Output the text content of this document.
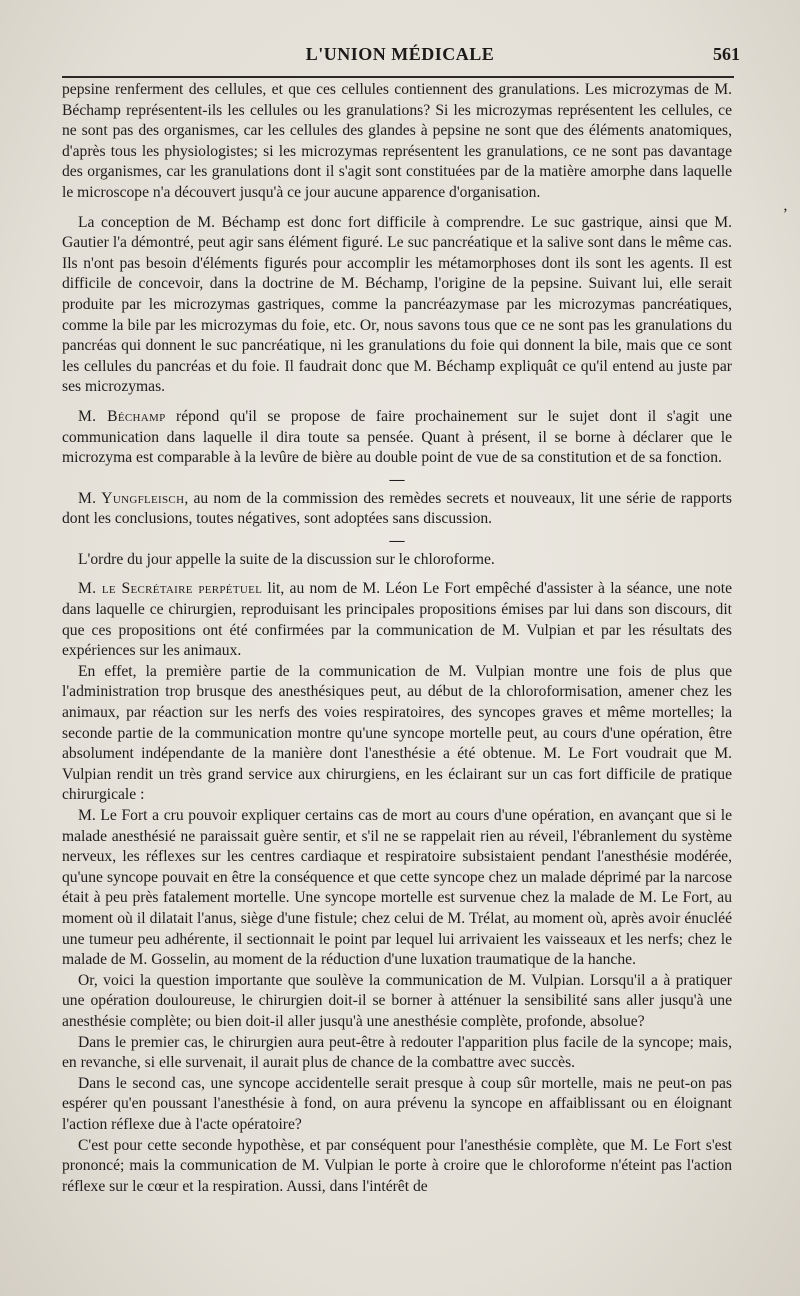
L'UNION MÉDICALE	561
ʼ

pepsine renferment des cellules, et que ces cellules contiennent des granulations. Les microzymas de M. Béchamp représentent-ils les cellules ou les granulations? Si les microzymas représentent les cellules, ce ne sont pas des organismes, car les cellules des glandes à pepsine ne sont que des éléments anatomiques, d'après tous les physiologistes; si les microzymas représentent les granulations, ce ne sont pas davantage des organismes, car les granulations dont il s'agit sont constituées par de la matière amorphe dans laquelle le microscope n'a découvert jusqu'à ce jour aucune apparence d'organisation.

La conception de M. Béchamp est donc fort difficile à comprendre. Le suc gastrique, ainsi que M. Gautier l'a démontré, peut agir sans élément figuré. Le suc pancréatique et la salive sont dans le même cas. Ils n'ont pas besoin d'éléments figurés pour accomplir les métamorphoses dont ils sont les agents. Il est difficile de concevoir, dans la doctrine de M. Béchamp, l'origine de la pepsine. Suivant lui, elle serait produite par les microzymas gastriques, comme la pancréazymase par les microzymas pancréatiques, comme la bile par les microzymas du foie, etc. Or, nous savons tous que ce ne sont pas les granulations du pancréas qui donnent le suc pancréatique, ni les granulations du foie qui donnent la bile, mais que ce sont les cellules du pancréas et du foie. Il faudrait donc que M. Béchamp expliquât ce qu'il entend au juste par ses microzymas.

M. Béchamp répond qu'il se propose de faire prochainement sur le sujet dont il s'agit une communication dans laquelle il dira toute sa pensée. Quant à présent, il se borne à déclarer que le microzyma est comparable à la levûre de bière au double point de vue de sa constitution et de sa fonction.

—

M. Yungfleisch, au nom de la commission des remèdes secrets et nouveaux, lit une série de rapports dont les conclusions, toutes négatives, sont adoptées sans discussion.

—

L'ordre du jour appelle la suite de la discussion sur le chloroforme.

M. le Secrétaire perpétuel lit, au nom de M. Léon Le Fort empêché d'assister à la séance, une note dans laquelle ce chirurgien, reproduisant les principales propositions émises par lui dans son discours, dit que ces propositions ont été confirmées par la communication de M. Vulpian et par les résultats des expériences sur les animaux.

En effet, la première partie de la communication de M. Vulpian montre une fois de plus que l'administration trop brusque des anesthésiques peut, au début de la chloroformisation, amener chez les animaux, par réaction sur les nerfs des voies respiratoires, des syncopes graves et même mortelles; la seconde partie de la communication montre qu'une syncope mortelle peut, au cours d'une opération, être absolument indépendante de la manière dont l'anesthésie a été obtenue. M. Le Fort voudrait que M. Vulpian rendit un très grand service aux chirurgiens, en les éclairant sur un cas fort difficile de pratique chirurgicale :

M. Le Fort a cru pouvoir expliquer certains cas de mort au cours d'une opération, en avançant que si le malade anesthésié ne paraissait guère sentir, et s'il ne se rappelait rien au réveil, l'ébranlement du système nerveux, les réflexes sur les centres cardiaque et respiratoire subsistaient pendant l'anesthésie modérée, qu'une syncope pouvait en être la conséquence et que cette syncope chez un malade déprimé par la narcose était à peu près fatalement mortelle. Une syncope mortelle est survenue chez la malade de M. Le Fort, au moment où il dilatait l'anus, siège d'une fistule; chez celui de M. Trélat, au moment où, après avoir énucléé une tumeur peu adhérente, il sectionnait le point par lequel lui arrivaient les vaisseaux et les nerfs; chez le malade de M. Gosselin, au moment de la réduction d'une luxation traumatique de la hanche.

Or, voici la question importante que soulève la communication de M. Vulpian. Lorsqu'il a à pratiquer une opération douloureuse, le chirurgien doit-il se borner à atténuer la sensibilité sans aller jusqu'à une anesthésie complète; ou bien doit-il aller jusqu'à une anesthésie complète, profonde, absolue?

Dans le premier cas, le chirurgien aura peut-être à redouter l'apparition plus facile de la syncope; mais, en revanche, si elle survenait, il aurait plus de chance de la combattre avec succès.

Dans le second cas, une syncope accidentelle serait presque à coup sûr mortelle, mais ne peut-on pas espérer qu'en poussant l'anesthésie à fond, on aura prévenu la syncope en affaiblissant ou en éloignant l'action réflexe due à l'acte opératoire?

C'est pour cette seconde hypothèse, et par conséquent pour l'anesthésie complète, que M. Le Fort s'est prononcé; mais la communication de M. Vulpian le porte à croire que le chloroforme n'éteint pas l'action réflexe sur le cœur et la respiration. Aussi, dans l'intérêt de
